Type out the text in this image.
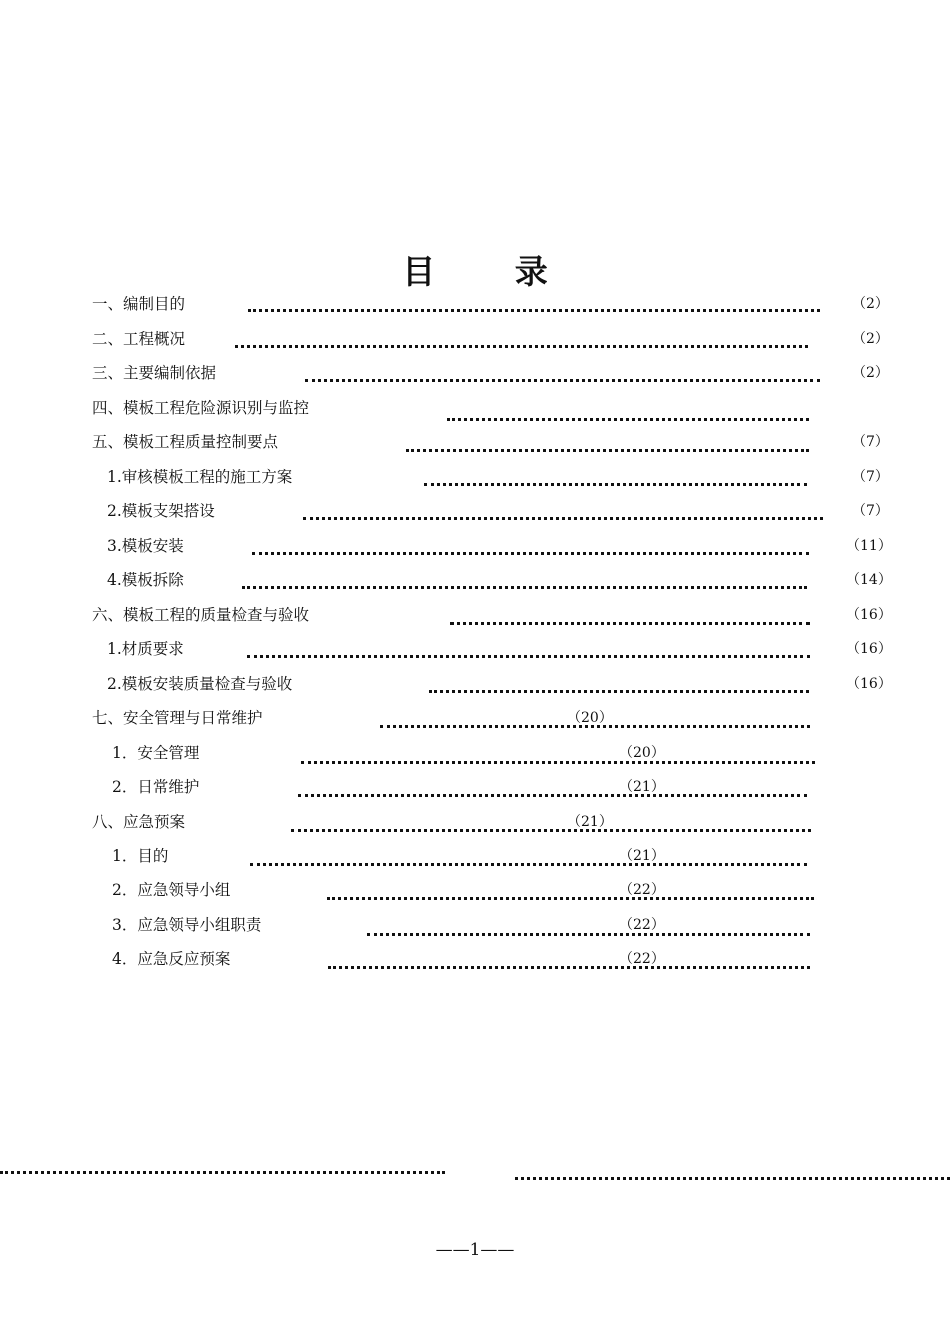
目 录
一、编制目的	（2）
二、工程概况	（2）
三、主要编制依据	（2）
四、模板工程危险源识别与监控
五、模板工程质量控制要点	（7）
1.审核模板工程的施工方案	（7）
2.模板支架搭设	（7）
3.模板安装	（11）
4.模板拆除	（14）
六、模板工程的质量检查与验收	（16）
1.材质要求	（16）
2.模板安装质量检查与验收	（16）
七、安全管理与日常维护	（20）
1．安全管理	（20）
2．日常维护	（21）
八、应急预案	（21）
1．目的	（21）
2．应急领导小组	（22）
3．应急领导小组职责	（22）
4．应急反应预案	（22）
——1——
